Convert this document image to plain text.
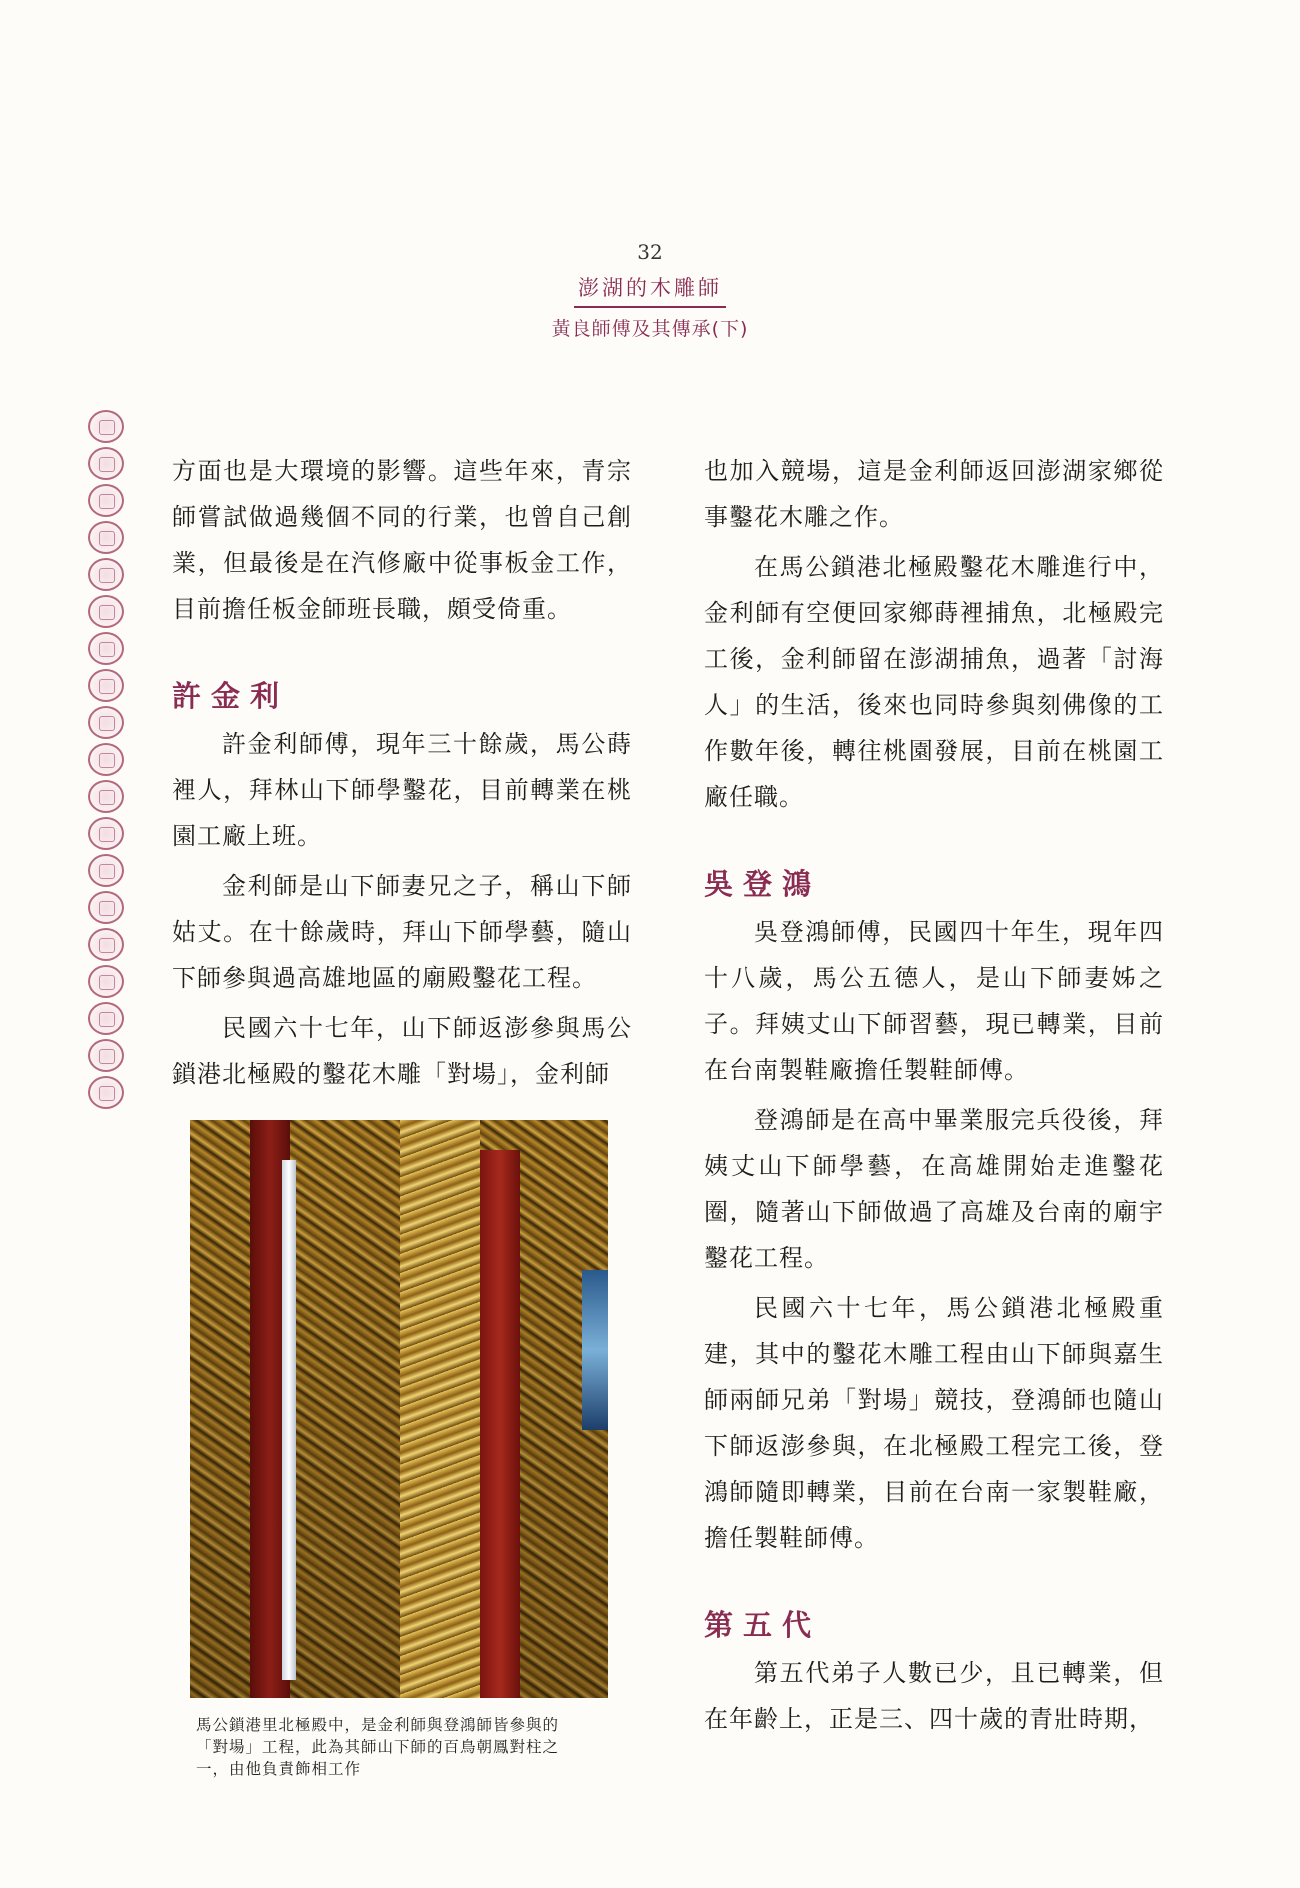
32
澎湖的木雕師
黃良師傅及其傳承(下)

方面也是大環境的影響。這些年來，青宗師嘗試做過幾個不同的行業，也曾自己創業，但最後是在汽修廠中從事板金工作，目前擔任板金師班長職，頗受倚重。

許金利

許金利師傅，現年三十餘歲，馬公蒔裡人，拜林山下師學鑿花，目前轉業在桃園工廠上班。

金利師是山下師妻兄之子，稱山下師姑丈。在十餘歲時，拜山下師學藝，隨山下師參與過高雄地區的廟殿鑿花工程。

民國六十七年，山下師返澎參與馬公鎖港北極殿的鑿花木雕「對場」，金利師

馬公鎖港里北極殿中，是金利師與登鴻師皆參與的
「對場」工程，此為其師山下師的百鳥朝鳳對柱之
一，由他負責飾相工作

也加入競場，這是金利師返回澎湖家鄉從事鑿花木雕之作。

在馬公鎖港北極殿鑿花木雕進行中，金利師有空便回家鄉蒔裡捕魚，北極殿完工後，金利師留在澎湖捕魚，過著「討海人」的生活，後來也同時參與刻佛像的工作數年後，轉往桃園發展，目前在桃園工廠任職。

吳登鴻

吳登鴻師傅，民國四十年生，現年四十八歲，馬公五德人，是山下師妻姊之子。拜姨丈山下師習藝，現已轉業，目前在台南製鞋廠擔任製鞋師傅。

登鴻師是在高中畢業服完兵役後，拜姨丈山下師學藝，在高雄開始走進鑿花圈，隨著山下師做過了高雄及台南的廟宇鑿花工程。

民國六十七年，馬公鎖港北極殿重建，其中的鑿花木雕工程由山下師與嘉生師兩師兄弟「對場」競技，登鴻師也隨山下師返澎參與，在北極殿工程完工後，登鴻師隨即轉業，目前在台南一家製鞋廠，擔任製鞋師傅。

第五代

第五代弟子人數已少，且已轉業，但在年齡上，正是三、四十歲的青壯時期，
